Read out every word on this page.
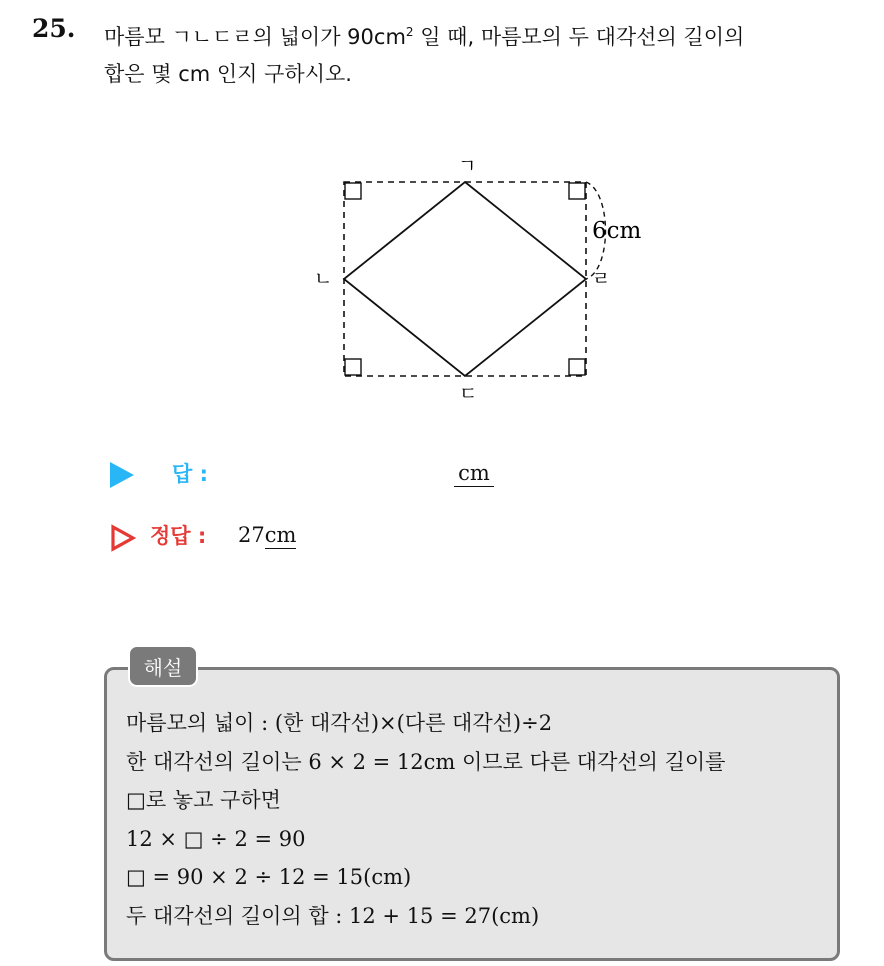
25. 마름모 ㄱㄴㄷㄹ의 넓이가 $90cm^2$ 일 때, 마름모의 두 대각선의 길이의
합은 몇 cm 인지 구하시오.
ㄱ
ㄴ
ㄷ
ㄹ
6cm
답 :	cm
정답 : 27cm
해설
마름모의 넓이 : (한 대각선)×(다른 대각선)÷2
한 대각선의 길이는 6 × 2 = 12cm 이므로 다른 대각선의 길이를
□로 놓고 구하면
12 × □ ÷ 2 = 90
□ = 90 × 2 ÷ 12 = 15(cm)
두 대각선의 길이의 합 : 12 + 15 = 27(cm)
